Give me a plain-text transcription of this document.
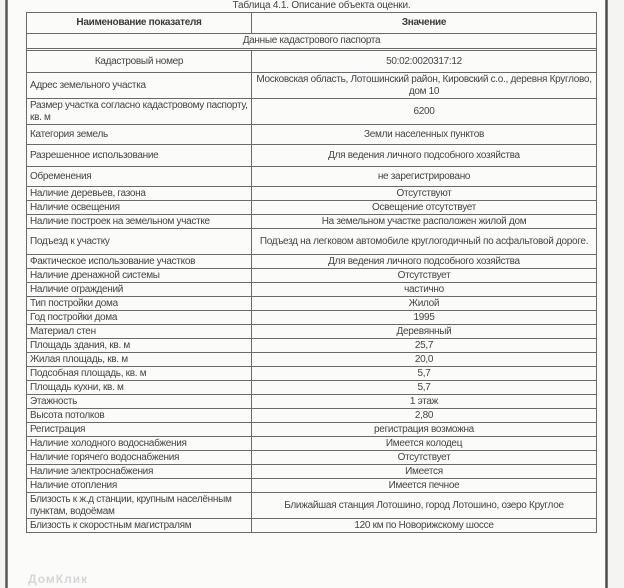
Таблица 4.1. Описание объекта оценки.
Наименование показателя	Значение
Данные кадастрового паспорта	

Кадастровый номер	50:02:0020317:12
Адрес земельного участка	Московская область, Лотошинский район, Кировский с.о., деревня Круглово, дом 10
Размер участка согласно кадастровому паспорту, кв. м	6200
Категория земель	Земли населенных пунктов
Разрешенное использование	Для ведения личного подсобного хозяйства
Обременения	не зарегистрировано
Наличие деревьев, газона	Отсутствуют
Наличие освещения	Освещение отсутствует
Наличие построек на земельном участке	На земельном участке расположен жилой дом
Подъезд к участку	Подъезд на легковом автомобиле круглогодичный по асфальтовой дороге.
Фактическое использование участков	Для ведения личного подсобного хозяйства
Наличие дренажной системы	Отсутствует
Наличие ограждений	частично
Тип постройки дома	Жилой
Год постройки дома	1995
Материал стен	Деревянный
Площадь здания, кв. м	25,7
Жилая площадь, кв. м	20,0
Подсобная площадь, кв. м	5,7
Площадь кухни, кв. м	5,7
Этажность	1 этаж
Высота потолков	2,80
Регистрация	регистрация возможна
Наличие холодного водоснабжения	Имеется колодец
Наличие горячего водоснабжения	Отсутствует
Наличие электроснабжения	Имеется
Наличие отопления	Имеется печное
Близость к ж.д станции, крупным населённым пунктам, водоёмам	Ближайшая станция Лотошино, город Лотошино, озеро Круглое
Близость к скоростным магистралям	120 км по Новорижскому шоссе
ДомКлик
